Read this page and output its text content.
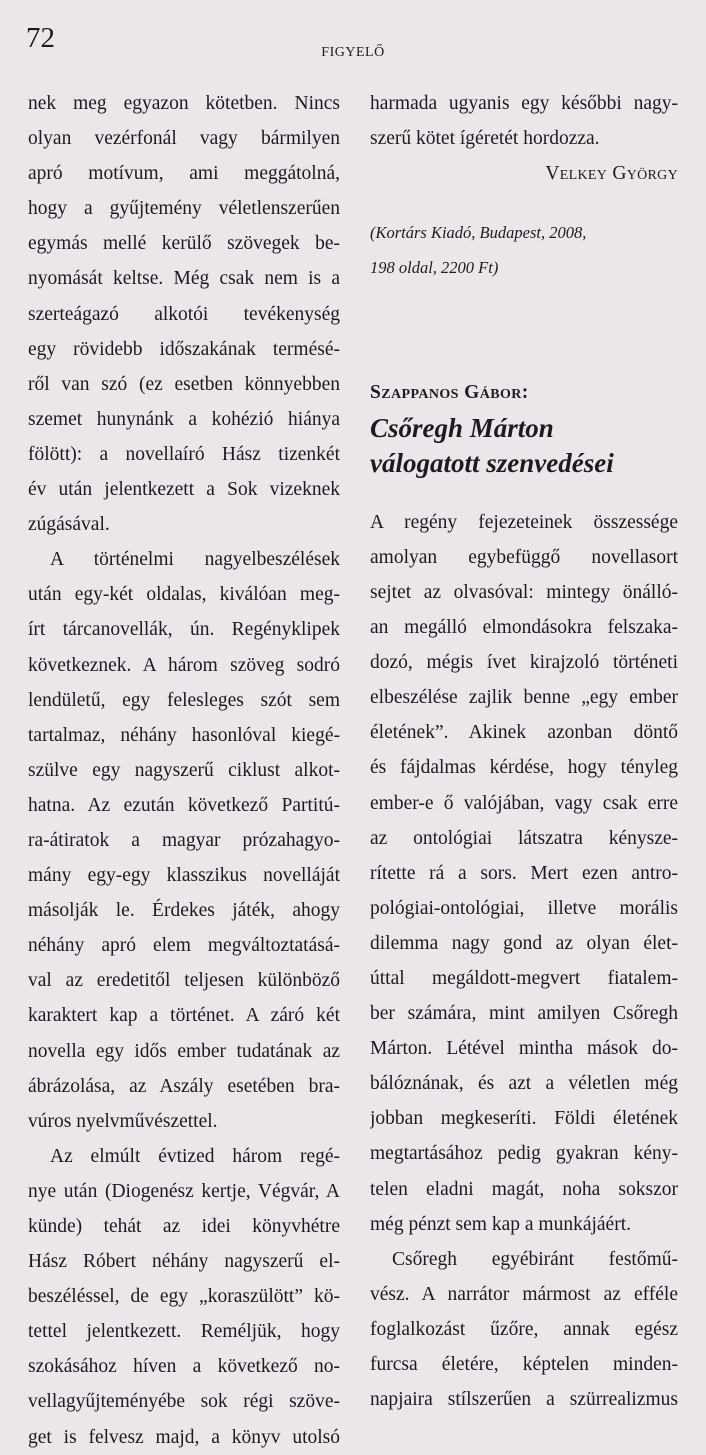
72	FIGYELŐ
nek meg egyazon kötetben. Nincs
olyan vezérfonál vagy bármilyen
apró motívum, ami meggátolná,
hogy a gyűjtemény véletlenszerűen
egymás mellé kerülő szövegek be-
nyomását keltse. Még csak nem is a
szerteágazó alkotói tevékenység
egy rövidebb időszakának termésé-
ről van szó (ez esetben könnyebben
szemet hunynánk a kohézió hiánya
fölött): a novellaíró Hász tizenkét
év után jelentkezett a Sok vizeknek
zúgásával.
A történelmi nagyelbeszélések
után egy-két oldalas, kiválóan meg-
írt tárcanovellák, ún. Regényklipek
következnek. A három szöveg sodró
lendületű, egy felesleges szót sem
tartalmaz, néhány hasonlóval kiegé-
szülve egy nagyszerű ciklust alkot-
hatna. Az ezután következő Partitú-
ra-átiratok a magyar prózahagyo-
mány egy-egy klasszikus novelláját
másolják le. Érdekes játék, ahogy
néhány apró elem megváltoztatásá-
val az eredetitől teljesen különböző
karaktert kap a történet. A záró két
novella egy idős ember tudatának az
ábrázolása, az Aszály esetében bra-
vúros nyelvművészettel.
Az elmúlt évtized három regé-
nye után (Diogenész kertje, Végvár, A
künde) tehát az idei könyvhétre
Hász Róbert néhány nagyszerű el-
beszéléssel, de egy „koraszülött” kö-
tettel jelentkezett. Reméljük, hogy
szokásához híven a következő no-
vellagyűjteményébe sok régi szöve-
get is felvesz majd, a könyv utolsó
harmada ugyanis egy későbbi nagy-
szerű kötet ígéretét hordozza.
Velkey György
(Kortárs Kiadó, Budapest, 2008,
198 oldal, 2200 Ft)
Szappanos Gábor:
Csőregh Márton
válogatott szenvedései
A regény fejezeteinek összessége
amolyan egybefüggő novellasort
sejtet az olvasóval: mintegy önálló-
an megálló elmondásokra felszaka-
dozó, mégis ívet kirajzoló történeti
elbeszélése zajlik benne „egy ember
életének”. Akinek azonban döntő
és fájdalmas kérdése, hogy tényleg
ember-e ő valójában, vagy csak erre
az ontológiai látszatra kénysze-
rítette rá a sors. Mert ezen antro-
pológiai-ontológiai, illetve morális
dilemma nagy gond az olyan élet-
úttal megáldott-megvert fiatalem-
ber számára, mint amilyen Csőregh
Márton. Létével mintha mások do-
bálóznának, és azt a véletlen még
jobban megkeseríti. Földi életének
megtartásához pedig gyakran kény-
telen eladni magát, noha sokszor
még pénzt sem kap a munkájáért.
Csőregh egyébiránt festőmű-
vész. A narrátor mármost az efféle
foglalkozást űzőre, annak egész
furcsa életére, képtelen minden-
napjaira stílszerűen a szürrealizmus
